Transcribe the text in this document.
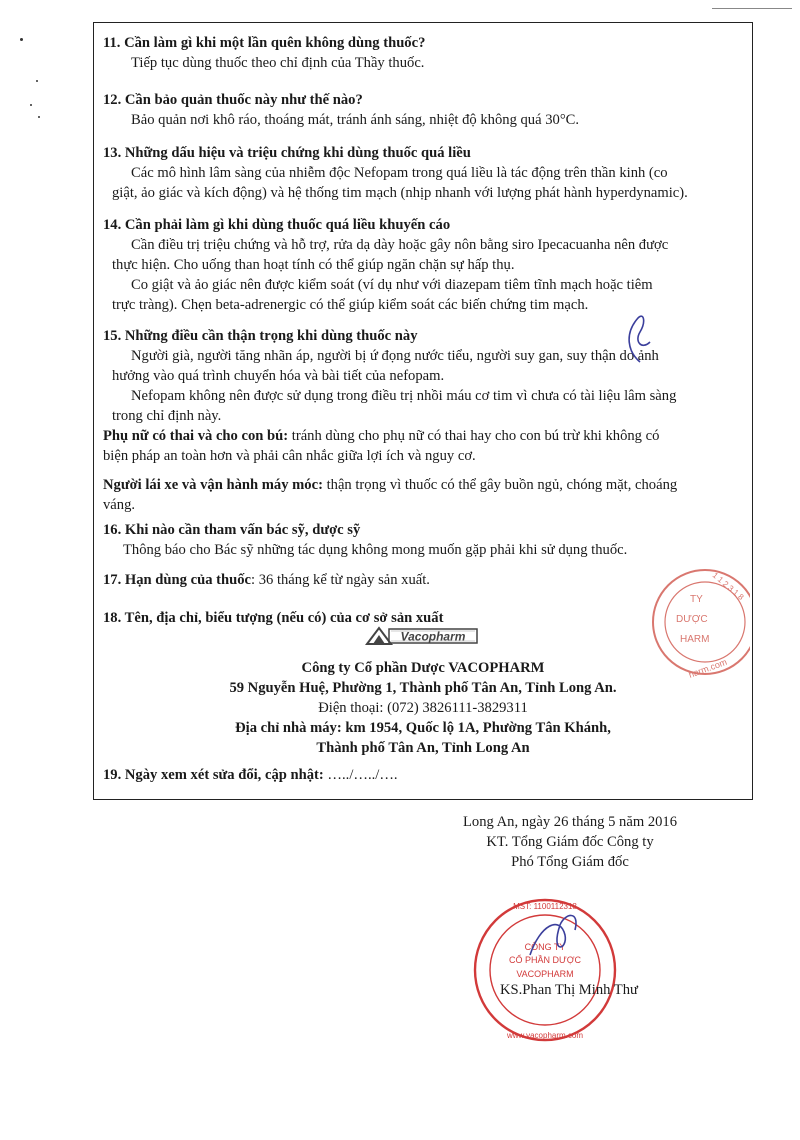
11. Cần làm gì khi một lần quên không dùng thuốc?
Tiếp tục dùng thuốc theo chỉ định của Thầy thuốc.
12. Cần bảo quản thuốc này như thế nào?
Bảo quản nơi khô ráo, thoáng mát, tránh ánh sáng, nhiệt độ không quá 30°C.
13. Những dấu hiệu và triệu chứng khi dùng thuốc quá liều
Các mô hình lâm sàng của nhiễm độc Nefopam trong quá liều là tác động trên thần kinh (co
giật, ảo giác và kích động) và hệ thống tim mạch (nhịp nhanh với lượng phát hành hyperdynamic).
14. Cần phải làm gì khi dùng thuốc quá liều khuyến cáo
Cần điều trị triệu chứng và hỗ trợ, rửa dạ dày hoặc gây nôn bằng siro Ipecacuanha nên được
thực hiện. Cho uống than hoạt tính có thể giúp ngăn chặn sự hấp thụ.
Co giật và ảo giác nên được kiểm soát (ví dụ như với diazepam tiêm tĩnh mạch hoặc tiêm
trực tràng). Chẹn beta-adrenergic có thể giúp kiểm soát các biến chứng tim mạch.
15. Những điều cần thận trọng khi dùng thuốc này
Người già, người tăng nhãn áp, người bị ứ đọng nước tiểu, người suy gan, suy thận do ảnh
hưởng vào quá trình chuyển hóa và bài tiết của nefopam.
Nefopam không nên được sử dụng trong điều trị nhồi máu cơ tim vì chưa có tài liệu lâm sàng
trong chỉ định này.
Phụ nữ có thai và cho con bú: tránh dùng cho phụ nữ có thai hay cho con bú trừ khi không có
biện pháp an toàn hơn và phải cân nhắc giữa lợi ích và nguy cơ.
Người lái xe và vận hành máy móc: thận trọng vì thuốc có thể gây buồn ngủ, chóng mặt, choáng
váng.
16. Khi nào cần tham vấn bác sỹ, dược sỹ
Thông báo cho Bác sỹ những tác dụng không mong muốn gặp phải khi sử dụng thuốc.
17. Hạn dùng của thuốc: 36 tháng kể từ ngày sản xuất.
18. Tên, địa chỉ, biểu tượng (nếu có) của cơ sở sản xuất
Vacopharm
Công ty Cổ phần Dược VACOPHARM
59 Nguyễn Huệ, Phường 1, Thành phố Tân An, Tỉnh Long An.
Điện thoại: (072) 3826111-3829311
Địa chỉ nhà máy: km 1954, Quốc lộ 1A, Phường Tân Khánh,
Thành phố Tân An, Tỉnh Long An
19. Ngày xem xét sửa đổi, cập nhật: …../…../….
TY
DƯỢC
HARM
1 1 2 3 1 8
harm.com
Long An, ngày 26 tháng 5 năm 2016
KT. Tổng Giám đốc Công ty
Phó Tổng Giám đốc
MST: 1100112318
www.vacopharm.com
CÔNG TY
CỔ PHẦN DƯỢC
VACOPHARM
KS.Phan Thị Minh Thư
